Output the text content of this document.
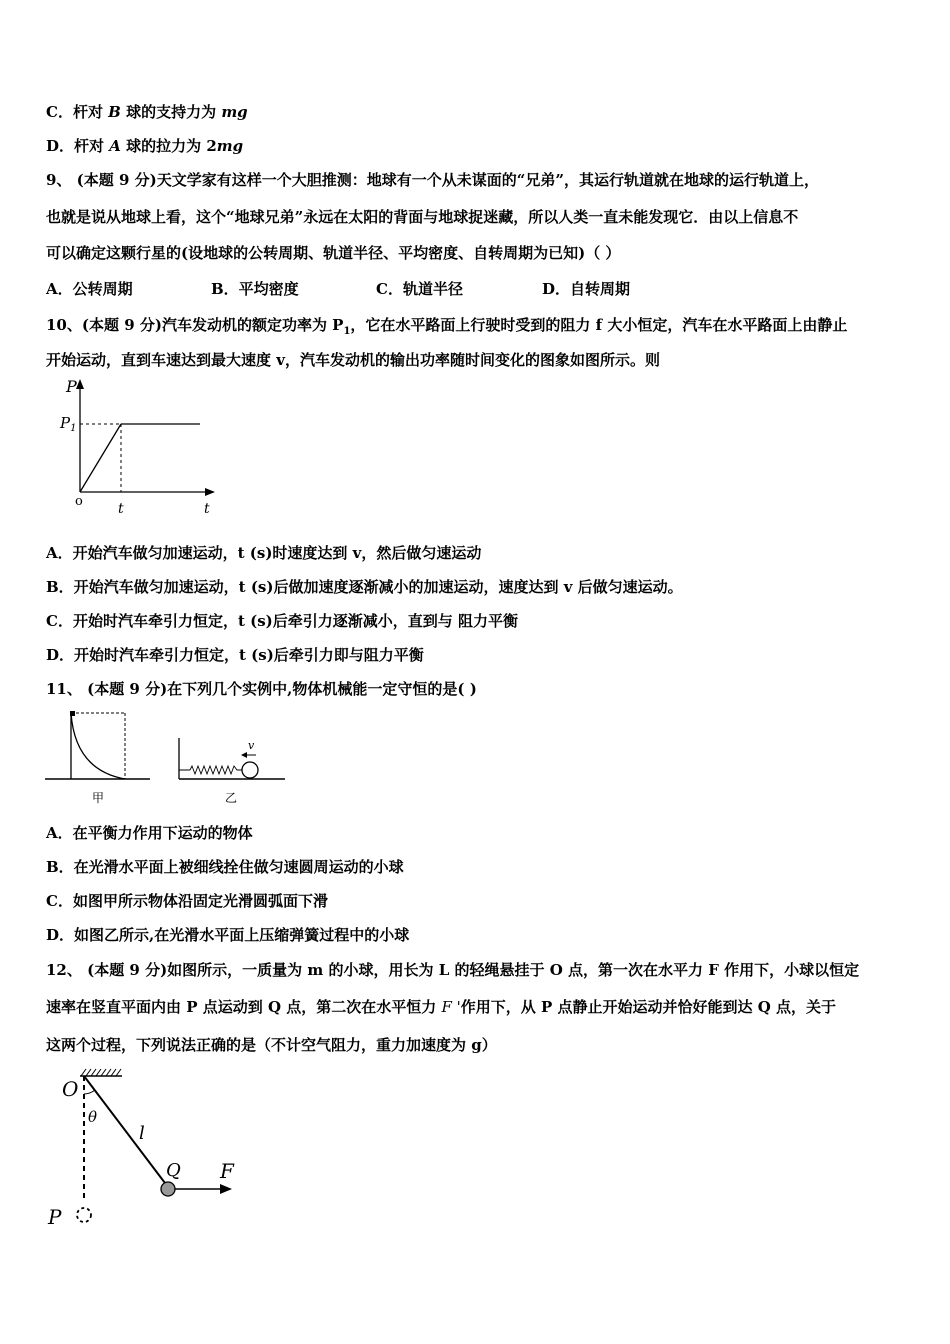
C．杆对 B 球的支持力为 mg
D．杆对 A 球的拉力为 2mg
9、 (本题 9 分)天文学家有这样一个大胆推测：地球有一个从未谋面的“兄弟”，其运行轨道就在地球的运行轨道上，
也就是说从地球上看，这个“地球兄弟”永远在太阳的背面与地球捉迷藏，所以人类一直未能发现它．由以上信息不
可以确定这颗行星的(设地球的公转周期、轨道半径、平均密度、自转周期为已知)（ ）
A．公转周期	B．平均密度	C．轨道半径	D．自转周期
10、(本题 9 分)汽车发动机的额定功率为 $P_1$，它在水平路面上行驶时受到的阻力 f 大小恒定，汽车在水平路面上由静止
开始运动，直到车速达到最大速度 v，汽车发动机的输出功率随时间变化的图象如图所示。则
P
$P_1$
o	t	t
A．开始汽车做匀加速运动，t (s)时速度达到 v，然后做匀速运动
B．开始汽车做匀加速运动，t (s)后做加速度逐渐减小的加速运动，速度达到 v 后做匀速运动。
C．开始时汽车牵引力恒定，t (s)后牵引力逐渐减小，直到与 阻力平衡
D．开始时汽车牵引力恒定，t (s)后牵引力即与阻力平衡
11、 (本题 9 分)在下列几个实例中,物体机械能一定守恒的是( )
甲
v
乙
A．在平衡力作用下运动的物体
B．在光滑水平面上被细线拴住做匀速圆周运动的小球
C．如图甲所示物体沿固定光滑圆弧面下滑
D．如图乙所示,在光滑水平面上压缩弹簧过程中的小球
12、 (本题 9 分)如图所示，一质量为 m 的小球，用长为 L 的轻绳悬挂于 O 点，第一次在水平力 F 作用下，小球以恒定
速率在竖直平面内由 P 点运动到 Q 点，第二次在水平恒力 F '作用下，从 P 点静止开始运动并恰好能到达 Q 点，关于
这两个过程，下列说法正确的是（不计空气阻力，重力加速度为 g）
O
θ
l
Q F
P
